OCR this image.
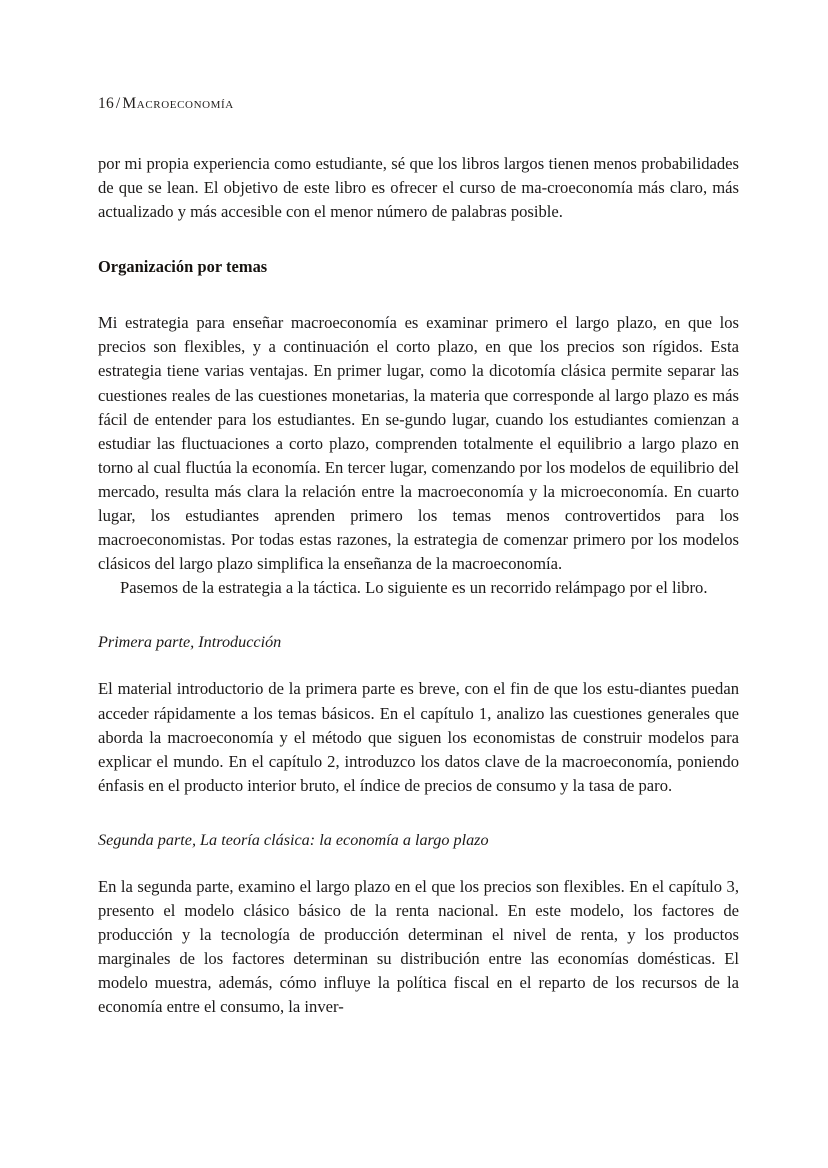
16 / Macroeconomía

por mi propia experiencia como estudiante, sé que los libros largos tienen menos probabilidades de que se lean. El objetivo de este libro es ofrecer el curso de ma-croeconomía más claro, más actualizado y más accesible con el menor número de palabras posible.

Organización por temas

Mi estrategia para enseñar macroeconomía es examinar primero el largo plazo, en que los precios son flexibles, y a continuación el corto plazo, en que los precios son rígidos. Esta estrategia tiene varias ventajas. En primer lugar, como la dicotomía clásica permite separar las cuestiones reales de las cuestiones monetarias, la materia que corresponde al largo plazo es más fácil de entender para los estudiantes. En se-gundo lugar, cuando los estudiantes comienzan a estudiar las fluctuaciones a corto plazo, comprenden totalmente el equilibrio a largo plazo en torno al cual fluctúa la economía. En tercer lugar, comenzando por los modelos de equilibrio del mercado, resulta más clara la relación entre la macroeconomía y la microeconomía. En cuarto lugar, los estudiantes aprenden primero los temas menos controvertidos para los macroeconomistas. Por todas estas razones, la estrategia de comenzar primero por los modelos clásicos del largo plazo simplifica la enseñanza de la macroeconomía.

Pasemos de la estrategia a la táctica. Lo siguiente es un recorrido relámpago por el libro.

Primera parte, Introducción

El material introductorio de la primera parte es breve, con el fin de que los estu-diantes puedan acceder rápidamente a los temas básicos. En el capítulo 1, analizo las cuestiones generales que aborda la macroeconomía y el método que siguen los economistas de construir modelos para explicar el mundo. En el capítulo 2, introduzco los datos clave de la macroeconomía, poniendo énfasis en el producto interior bruto, el índice de precios de consumo y la tasa de paro.

Segunda parte, La teoría clásica: la economía a largo plazo

En la segunda parte, examino el largo plazo en el que los precios son flexibles. En el capítulo 3, presento el modelo clásico básico de la renta nacional. En este modelo, los factores de producción y la tecnología de producción determinan el nivel de renta, y los productos marginales de los factores determinan su distribución entre las economías domésticas. El modelo muestra, además, cómo influye la política fiscal en el reparto de los recursos de la economía entre el consumo, la inver-
